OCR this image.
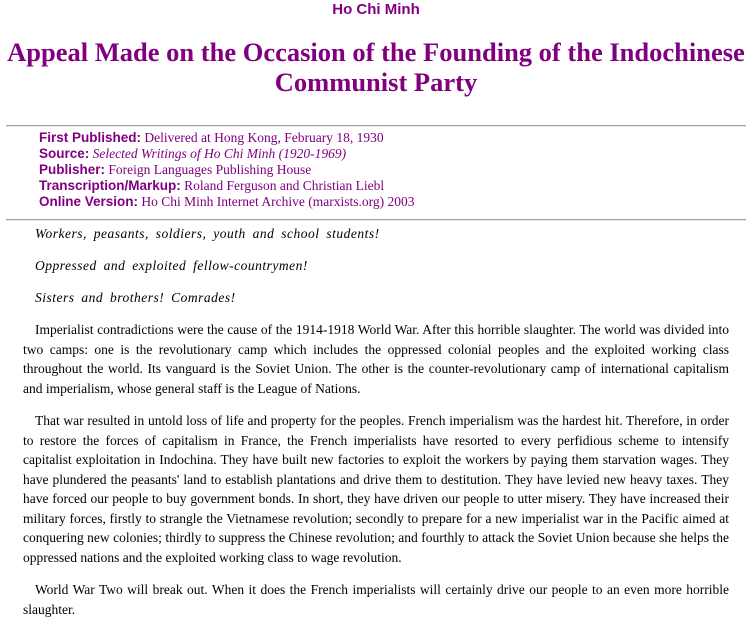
Ho Chi Minh
Appeal Made on the Occasion of the Founding of the Indochinese Communist Party
First Published: Delivered at Hong Kong, February 18, 1930
Source: Selected Writings of Ho Chi Minh (1920-1969)
Publisher: Foreign Languages Publishing House
Transcription/Markup: Roland Ferguson and Christian Liebl
Online Version: Ho Chi Minh Internet Archive (marxists.org) 2003

Workers, peasants, soldiers, youth and school students!

Oppressed and exploited fellow-countrymen!

Sisters and brothers! Comrades!

Imperialist contradictions were the cause of the 1914-1918 World War. After this horrible slaughter. The world was divided into two camps: one is the revolutionary camp which includes the oppressed colonial peoples and the exploited working class throughout the world. Its vanguard is the Soviet Union. The other is the counter-revolutionary camp of international capitalism and imperialism, whose general staff is the League of Nations.

That war resulted in untold loss of life and property for the peoples. French imperialism was the hardest hit. Therefore, in order to restore the forces of capitalism in France, the French imperialists have resorted to every perfidious scheme to intensify capitalist exploitation in Indochina. They have built new factories to exploit the workers by paying them starvation wages. They have plundered the peasants' land to establish plantations and drive them to destitution. They have levied new heavy taxes. They have forced our people to buy government bonds. In short, they have driven our people to utter misery. They have increased their military forces, firstly to strangle the Vietnamese revolution; secondly to prepare for a new imperialist war in the Pacific aimed at conquering new colonies; thirdly to suppress the Chinese revolution; and fourthly to attack the Soviet Union because she helps the oppressed nations and the exploited working class to wage revolution.

World War Two will break out. When it does the French imperialists will certainly drive our people to an even more horrible slaughter.
